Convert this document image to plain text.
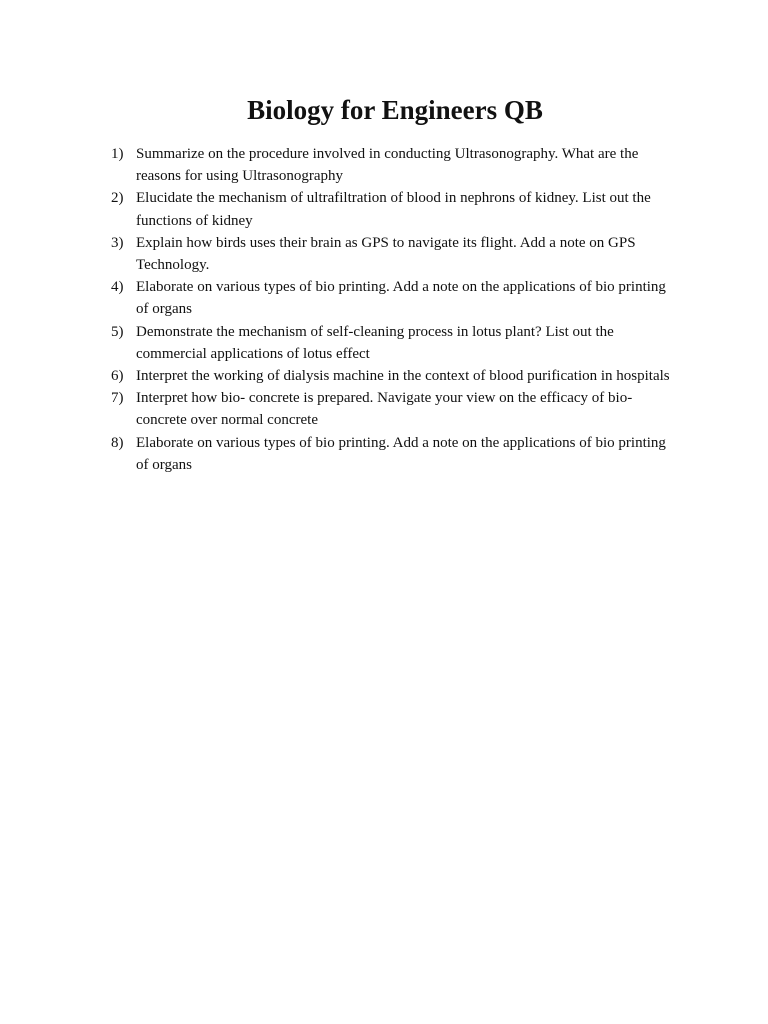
Biology for Engineers QB
1) Summarize on the procedure involved in conducting Ultrasonography. What are the reasons for using Ultrasonography
2) Elucidate the mechanism of ultrafiltration of blood in nephrons of kidney. List out the functions of kidney
3) Explain how birds uses their brain as GPS to navigate its flight. Add a note on GPS Technology.
4) Elaborate on various types of bio printing. Add a note on the applications of bio printing of organs
5) Demonstrate the mechanism of self-cleaning process in lotus plant? List out the commercial applications of lotus effect
6) Interpret the working of dialysis machine in the context of blood purification in hospitals
7) Interpret how bio- concrete is prepared. Navigate your view on the efficacy of bio-concrete over normal concrete
8) Elaborate on various types of bio printing. Add a note on the applications of bio printing of organs
